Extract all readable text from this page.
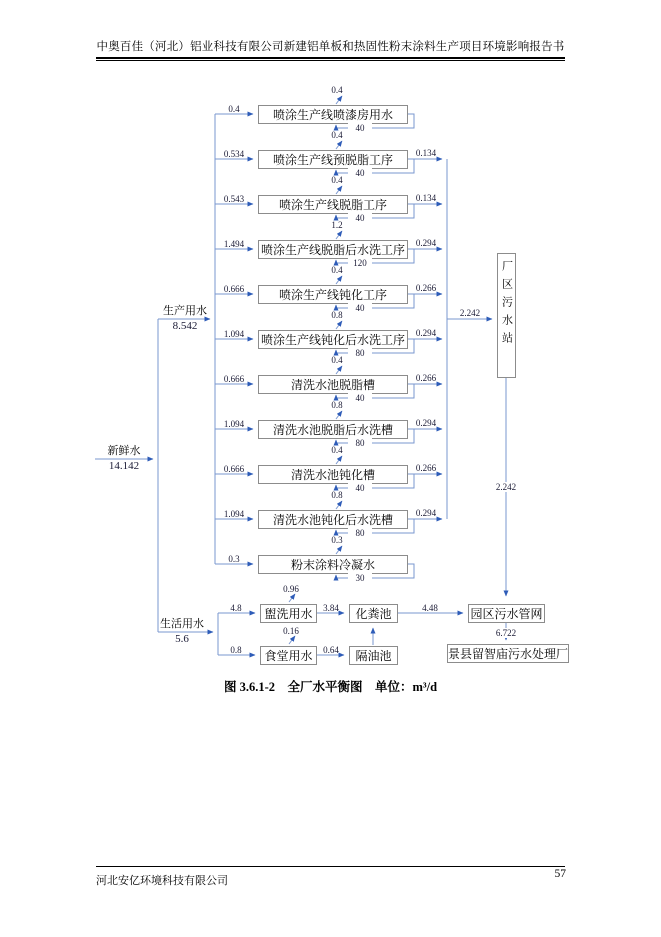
中奥百佳（河北）铝业科技有限公司新建铝单板和热固性粉末涂料生产项目环境影响报告书
新鲜水
14.142
生产用水
8.542
生活用水
5.6
喷涂生产线喷漆房用水
0.4
0.4
40
喷涂生产线预脱脂工序
0.534
0.4
40
0.134
喷涂生产线脱脂工序
0.543
0.4
40
0.134
喷涂生产线脱脂后水洗工序
1.494
1.2
120
0.294
喷涂生产线钝化工序
0.666
0.4
40
0.266
喷涂生产线钝化后水洗工序
1.094
0.8
80
0.294
清洗水池脱脂槽
0.666
0.4
40
0.266
清洗水池脱脂后水洗槽
1.094
0.8
80
0.294
清洗水池钝化槽
0.666
0.4
40
0.266
清洗水池钝化后水洗槽
1.094
0.8
80
0.294
粉末涂料冷凝水
0.3
0.3
30
2.242	厂区污水站
2.242
盥洗用水
4.8
0.96
3.84	化粪池	4.48	园区污水管网
食堂用水
0.8
0.16
0.64	隔油池
6.722
景县留智庙污水处理厂
图 3.6.1-2　全厂水平衡图　单位：m³/d
河北安亿环境科技有限公司
57
